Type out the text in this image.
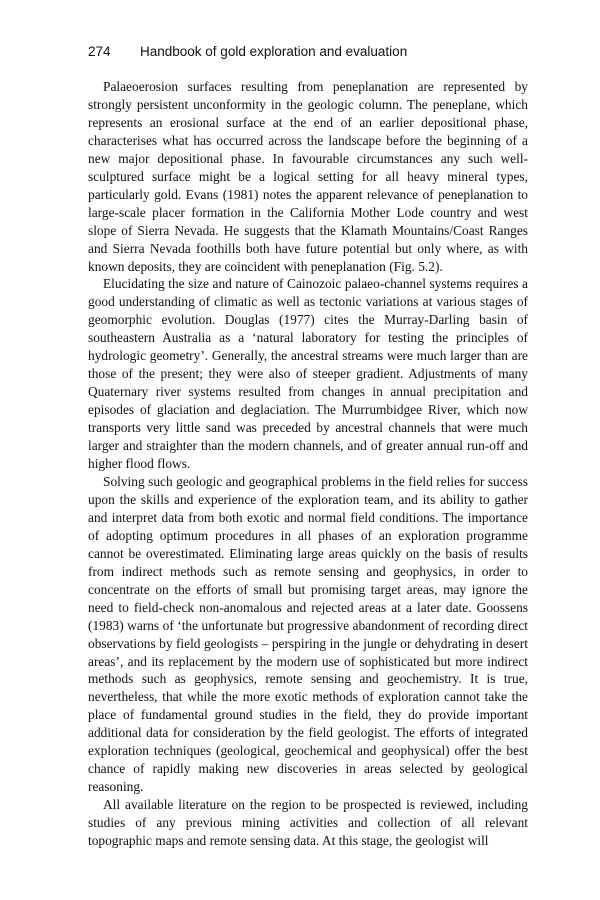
274 Handbook of gold exploration and evaluation

Palaeoerosion surfaces resulting from peneplanation are represented by strongly persistent unconformity in the geologic column. The peneplane, which represents an erosional surface at the end of an earlier depositional phase, characterises what has occurred across the landscape before the beginning of a new major depositional phase. In favourable circumstances any such well-sculptured surface might be a logical setting for all heavy mineral types, particularly gold. Evans (1981) notes the apparent relevance of peneplanation to large-scale placer formation in the California Mother Lode country and west slope of Sierra Nevada. He suggests that the Klamath Mountains/Coast Ranges and Sierra Nevada foothills both have future potential but only where, as with known deposits, they are coincident with peneplanation (Fig. 5.2).

Elucidating the size and nature of Cainozoic palaeo-channel systems requires a good understanding of climatic as well as tectonic variations at various stages of geomorphic evolution. Douglas (1977) cites the Murray-Darling basin of southeastern Australia as a ‘natural laboratory for testing the principles of hydrologic geometry’. Generally, the ancestral streams were much larger than are those of the present; they were also of steeper gradient. Adjustments of many Quaternary river systems resulted from changes in annual precipitation and episodes of glaciation and deglaciation. The Murrumbidgee River, which now transports very little sand was preceded by ancestral channels that were much larger and straighter than the modern channels, and of greater annual run-off and higher flood flows.

Solving such geologic and geographical problems in the field relies for success upon the skills and experience of the exploration team, and its ability to gather and interpret data from both exotic and normal field conditions. The importance of adopting optimum procedures in all phases of an exploration programme cannot be overestimated. Eliminating large areas quickly on the basis of results from indirect methods such as remote sensing and geophysics, in order to concentrate on the efforts of small but promising target areas, may ignore the need to field-check non-anomalous and rejected areas at a later date. Goossens (1983) warns of ‘the unfortunate but progressive abandonment of recording direct observations by field geologists – perspiring in the jungle or dehydrating in desert areas’, and its replacement by the modern use of sophisticated but more indirect methods such as geophysics, remote sensing and geochemistry. It is true, nevertheless, that while the more exotic methods of exploration cannot take the place of fundamental ground studies in the field, they do provide important additional data for consideration by the field geologist. The efforts of integrated exploration techniques (geological, geochemical and geophysical) offer the best chance of rapidly making new discoveries in areas selected by geological reasoning.

All available literature on the region to be prospected is reviewed, including studies of any previous mining activities and collection of all relevant topographic maps and remote sensing data. At this stage, the geologist will
